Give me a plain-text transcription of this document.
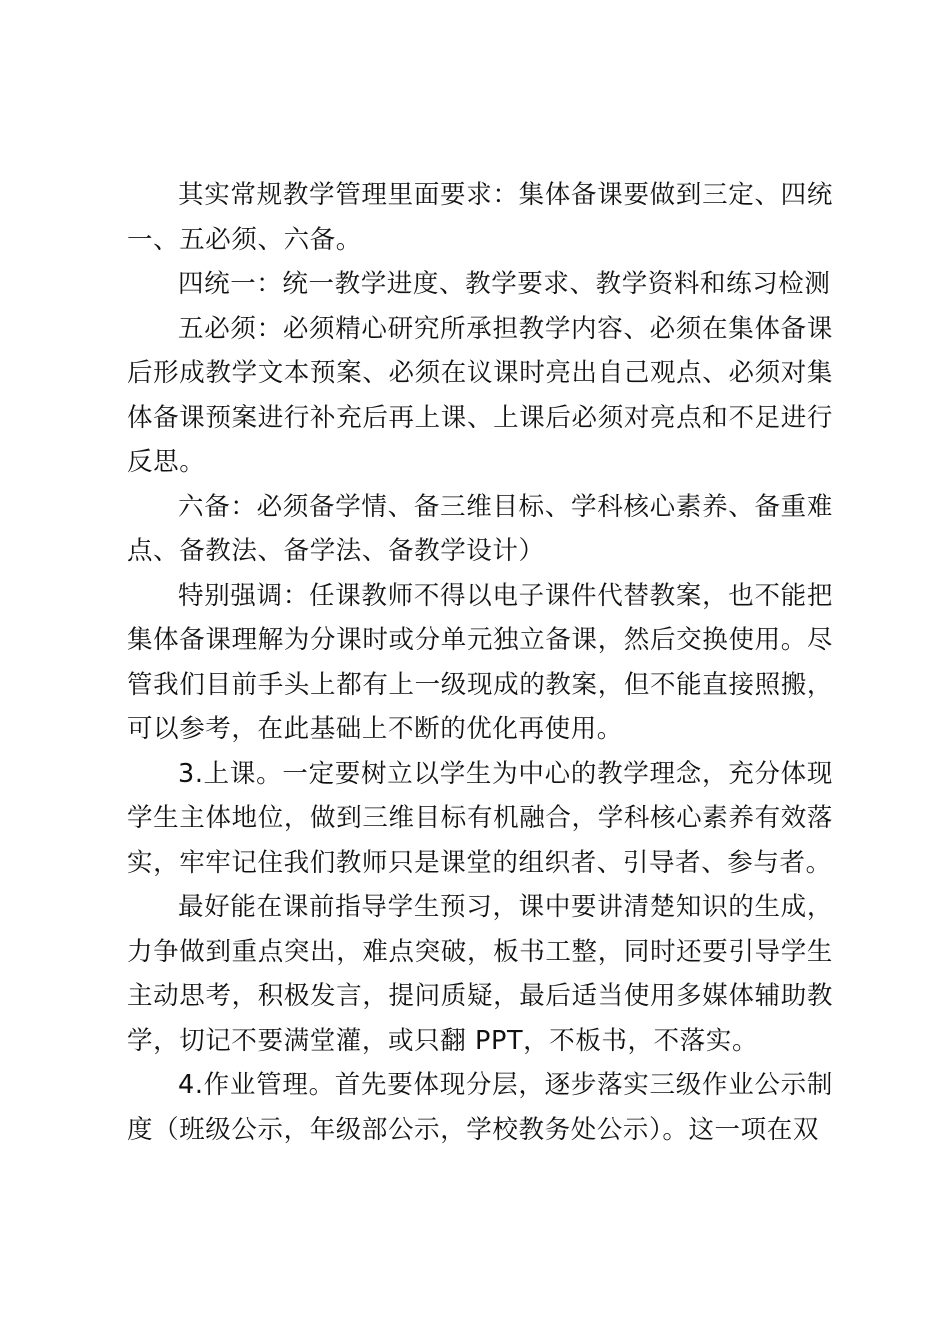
其实常规教学管理里面要求：集体备课要做到三定、四统一、五必须、六备。

四统一：统一教学进度、教学要求、教学资料和练习检测

五必须：必须精心研究所承担教学内容、必须在集体备课后形成教学文本预案、必须在议课时亮出自己观点、必须对集体备课预案进行补充后再上课、上课后必须对亮点和不足进行反思。

六备：必须备学情、备三维目标、学科核心素养、备重难点、备教法、备学法、备教学设计）

特别强调：任课教师不得以电子课件代替教案，也不能把集体备课理解为分课时或分单元独立备课，然后交换使用。尽管我们目前手头上都有上一级现成的教案，但不能直接照搬，可以参考，在此基础上不断的优化再使用。

3.上课。一定要树立以学生为中心的教学理念，充分体现学生主体地位，做到三维目标有机融合，学科核心素养有效落实，牢牢记住我们教师只是课堂的组织者、引导者、参与者。

最好能在课前指导学生预习，课中要讲清楚知识的生成，力争做到重点突出，难点突破，板书工整，同时还要引导学生主动思考，积极发言，提问质疑，最后适当使用多媒体辅助教学，切记不要满堂灌，或只翻 PPT，不板书，不落实。

4.作业管理。首先要体现分层，逐步落实三级作业公示制度（班级公示，年级部公示，学校教务处公示）。这一项在双
